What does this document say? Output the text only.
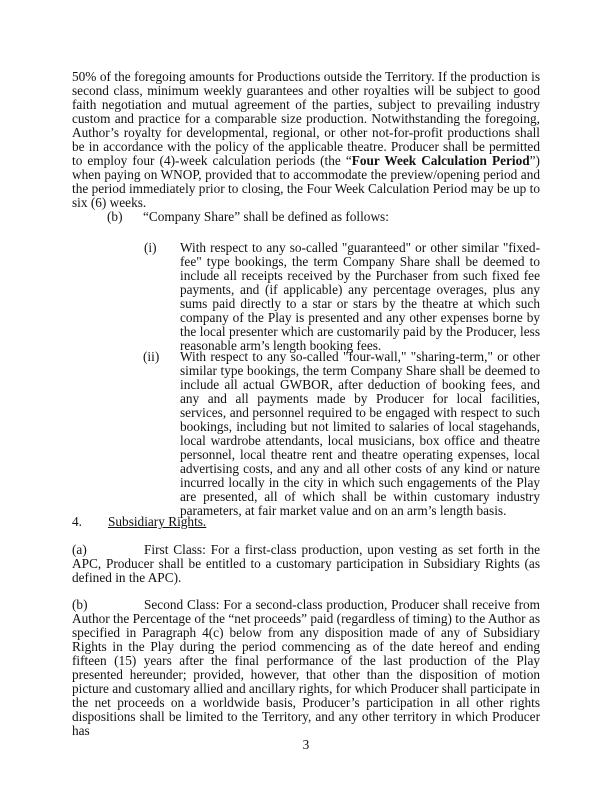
50% of the foregoing amounts for Productions outside the Territory. If the production is second class, minimum weekly guarantees and other royalties will be subject to good faith negotiation and mutual agreement of the parties, subject to prevailing industry custom and practice for a comparable size production. Notwithstanding the foregoing, Author’s royalty for developmental, regional, or other not-for-profit productions shall be in accordance with the policy of the applicable theatre. Producer shall be permitted to employ four (4)-week calculation periods (the “Four Week Calculation Period”) when paying on WNOP, provided that to accommodate the preview/opening period and the period immediately prior to closing, the Four Week Calculation Period may be up to six (6) weeks.
(b) “Company Share” shall be defined as follows:
(i) With respect to any so-called "guaranteed" or other similar "fixed-fee" type bookings, the term Company Share shall be deemed to include all receipts received by the Purchaser from such fixed fee payments, and (if applicable) any percentage overages, plus any sums paid directly to a star or stars by the theatre at which such company of the Play is presented and any other expenses borne by the local presenter which are customarily paid by the Producer, less reasonable arm’s length booking fees.
(ii) With respect to any so-called "four-wall," "sharing-term," or other similar type bookings, the term Company Share shall be deemed to include all actual GWBOR, after deduction of booking fees, and any and all payments made by Producer for local facilities, services, and personnel required to be engaged with respect to such bookings, including but not limited to salaries of local stagehands, local wardrobe attendants, local musicians, box office and theatre personnel, local theatre rent and theatre operating expenses, local advertising costs, and any and all other costs of any kind or nature incurred locally in the city in which such engagements of the Play are presented, all of which shall be within customary industry parameters, at fair market value and on an arm’s length basis.
4. Subsidiary Rights.
(a)	First Class: For a first-class production, upon vesting as set forth in the APC, Producer shall be entitled to a customary participation in Subsidiary Rights (as defined in the APC).
(b)	Second Class: For a second-class production, Producer shall receive from Author the Percentage of the “net proceeds” paid (regardless of timing) to the Author as specified in Paragraph 4(c) below from any disposition made of any of Subsidiary Rights in the Play during the period commencing as of the date hereof and ending fifteen (15) years after the final performance of the last production of the Play presented hereunder; provided, however, that other than the disposition of motion picture and customary allied and ancillary rights, for which Producer shall participate in the net proceeds on a worldwide basis, Producer’s participation in all other rights dispositions shall be limited to the Territory, and any other territory in which Producer has
3
